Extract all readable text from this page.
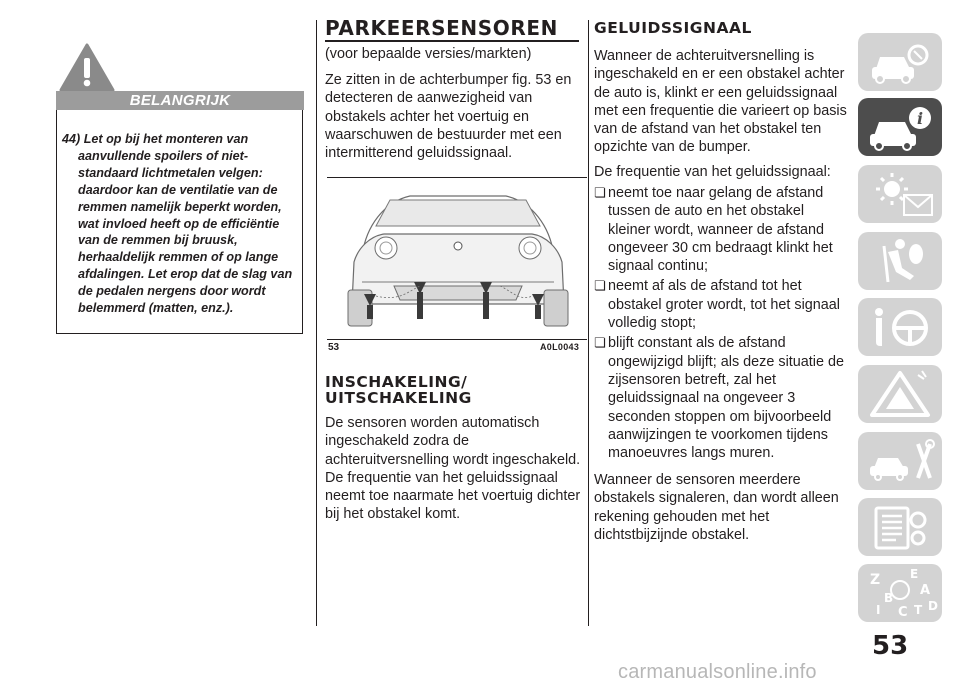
BELANGRIJK

44) Let op bij het monteren van aanvullende spoilers of niet-standaard lichtmetalen velgen: daardoor kan de ventilatie van de remmen namelijk beperkt worden, wat invloed heeft op de efficiëntie van de remmen bij bruusk, herhaaldelijk remmen of op lange afdalingen. Let erop dat de slag van de pedalen nergens door wordt belemmerd (matten, enz.).

PARKEERSENSOREN
(voor bepaalde versies/markten)
Ze zitten in de achterbumper fig. 53 en detecteren de aanwezigheid van obstakels achter het voertuig en waarschuwen de bestuurder met een intermitterend geluidssignaal.
53	A0L0043
INSCHAKELING/
UITSCHAKELING
De sensoren worden automatisch ingeschakeld zodra de achteruitversnelling wordt ingeschakeld. De frequentie van het geluidssignaal neemt toe naarmate het voertuig dichter bij het obstakel komt.
GELUIDSSIGNAAL
Wanneer de achteruitversnelling is ingeschakeld en er een obstakel achter de auto is, klinkt er een geluidssignaal met een frequentie die varieert op basis van de afstand van het obstakel ten opzichte van de bumper.
De frequentie van het geluidssignaal:

❏ neemt toe naar gelang de afstand tussen de auto en het obstakel kleiner wordt, wanneer de afstand ongeveer 30 cm bedraagt klinkt het signaal continu;

❏ neemt af als de afstand tot het obstakel groter wordt, tot het signaal volledig stopt;

❏ blijft constant als de afstand ongewijzigd blijft; als deze situatie de zijsensoren betreft, zal het geluidssignaal na ongeveer 3 seconden stoppen om bijvoorbeeld aanwijzingen te voorkomen tijdens manoeuvres langs muren.

Wanneer de sensoren meerdere obstakels signaleren, dan wordt alleen rekening gehouden met het dichtstbijzijnde obstakel.
i
Z E
A
B
C T D
I
53
carmanualsonline.info
